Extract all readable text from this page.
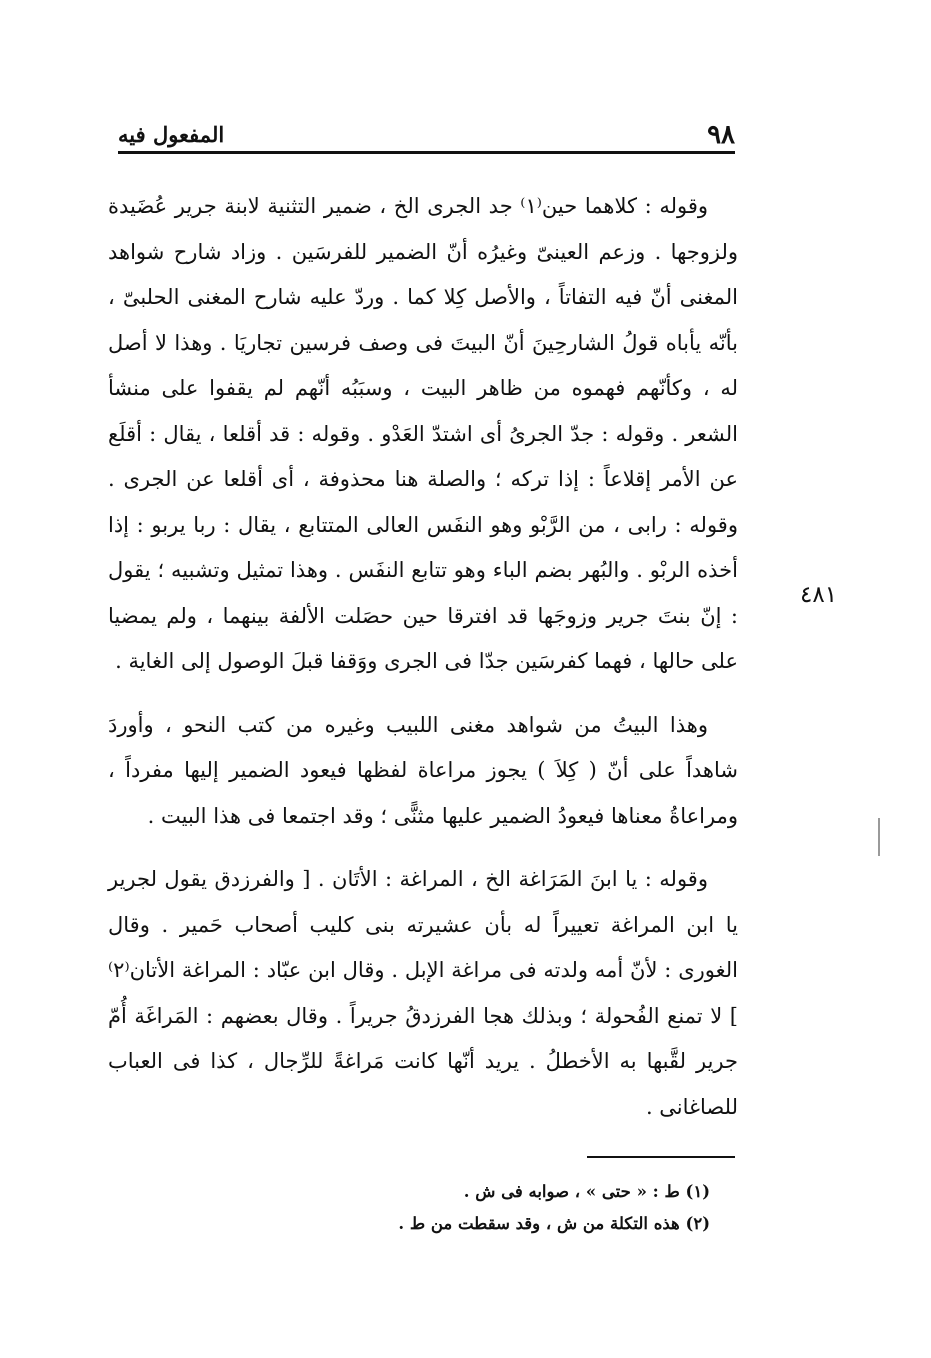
٩٨
المفعول فيه
٤٨١

وقوله : كلاهما حين⁽١⁾ جد الجرى الخ ، ضمير التثنية لابنة جرير عُضَيدة ولزوجها . وزعم العينىّ وغيرُه أنّ الضمير للفرسَين . وزاد شارح شواهد المغنى أنّ فيه التفاتاً ، والأصل كِلا كما . وردّ عليه شارح المغنى الحلبىّ ، بأنّه يأباه قولُ الشارحِينَ أنّ البيتَ فى وصف فرسين تجاريَا . وهذا لا أصل له ، وكأنّهم فهموه من ظاهر البيت ، وسبَبُه أنّهم لم يقفوا على منشأ الشعر . وقوله : جدّ الجرىُ أى اشتدّ العَدْو . وقوله : قد أقلعا ، يقال : أقلَع عن الأمر إقلاعاً : إذا تركه ؛ والصلة هنا محذوفة ، أى أقلعا عن الجرى . وقوله : رابى ، من الرَّبْو وهو النفَس العالى المتتابع ، يقال : ربا يربو : إذا أخذه الربْو . والبُهر بضم الباء وهو تتابع النفَس . وهذا تمثيل وتشبيه ؛ يقول : إنّ بنتَ جرير وزوجَها قد افترقا حين حصَلت الألفة بينهما ، ولم يمضيا على حالها ، فهما كفرسَين جدّا فى الجرى ووَقفا قبلَ الوصول إلى الغاية .

وهذا البيتُ من شواهد مغنى اللبيب وغيره من كتب النحو ، وأوردَ شاهداً على أنّ ( كِلاَ ) يجوز مراعاة لفظها فيعود الضمير إليها مفرداً ، ومراعاةُ معناها فيعودُ الضمير عليها مثنًّى ؛ وقد اجتمعا فى هذا البيت .

وقوله : يا ابنَ المَرَاغة الخ ، المراغة : الأتَان . [ والفرزدق يقول لجرير يا ابن المراغة تعييراً له بأن عشيرته بنى كليب أصحاب حَمير . وقال الغورى : لأنّ أمه ولدته فى مراغة الإبل . وقال ابن عبّاد : المراغة الأتان⁽٢⁾ ] لا تمنع الفُحولة ؛ وبذلك هجا الفرزدقُ جريراً . وقال بعضهم : المَراغَة أُمّ جرير لقَّبها به الأخطلُ . يريد أنّها كانت مَراغةً للرِّجال ، كذا فى العباب للصاغانى .

(١) ط : « حتى » ، صوابه فى ش .
(٢) هذه التكلة من ش ، وقد سقطت من ط .
